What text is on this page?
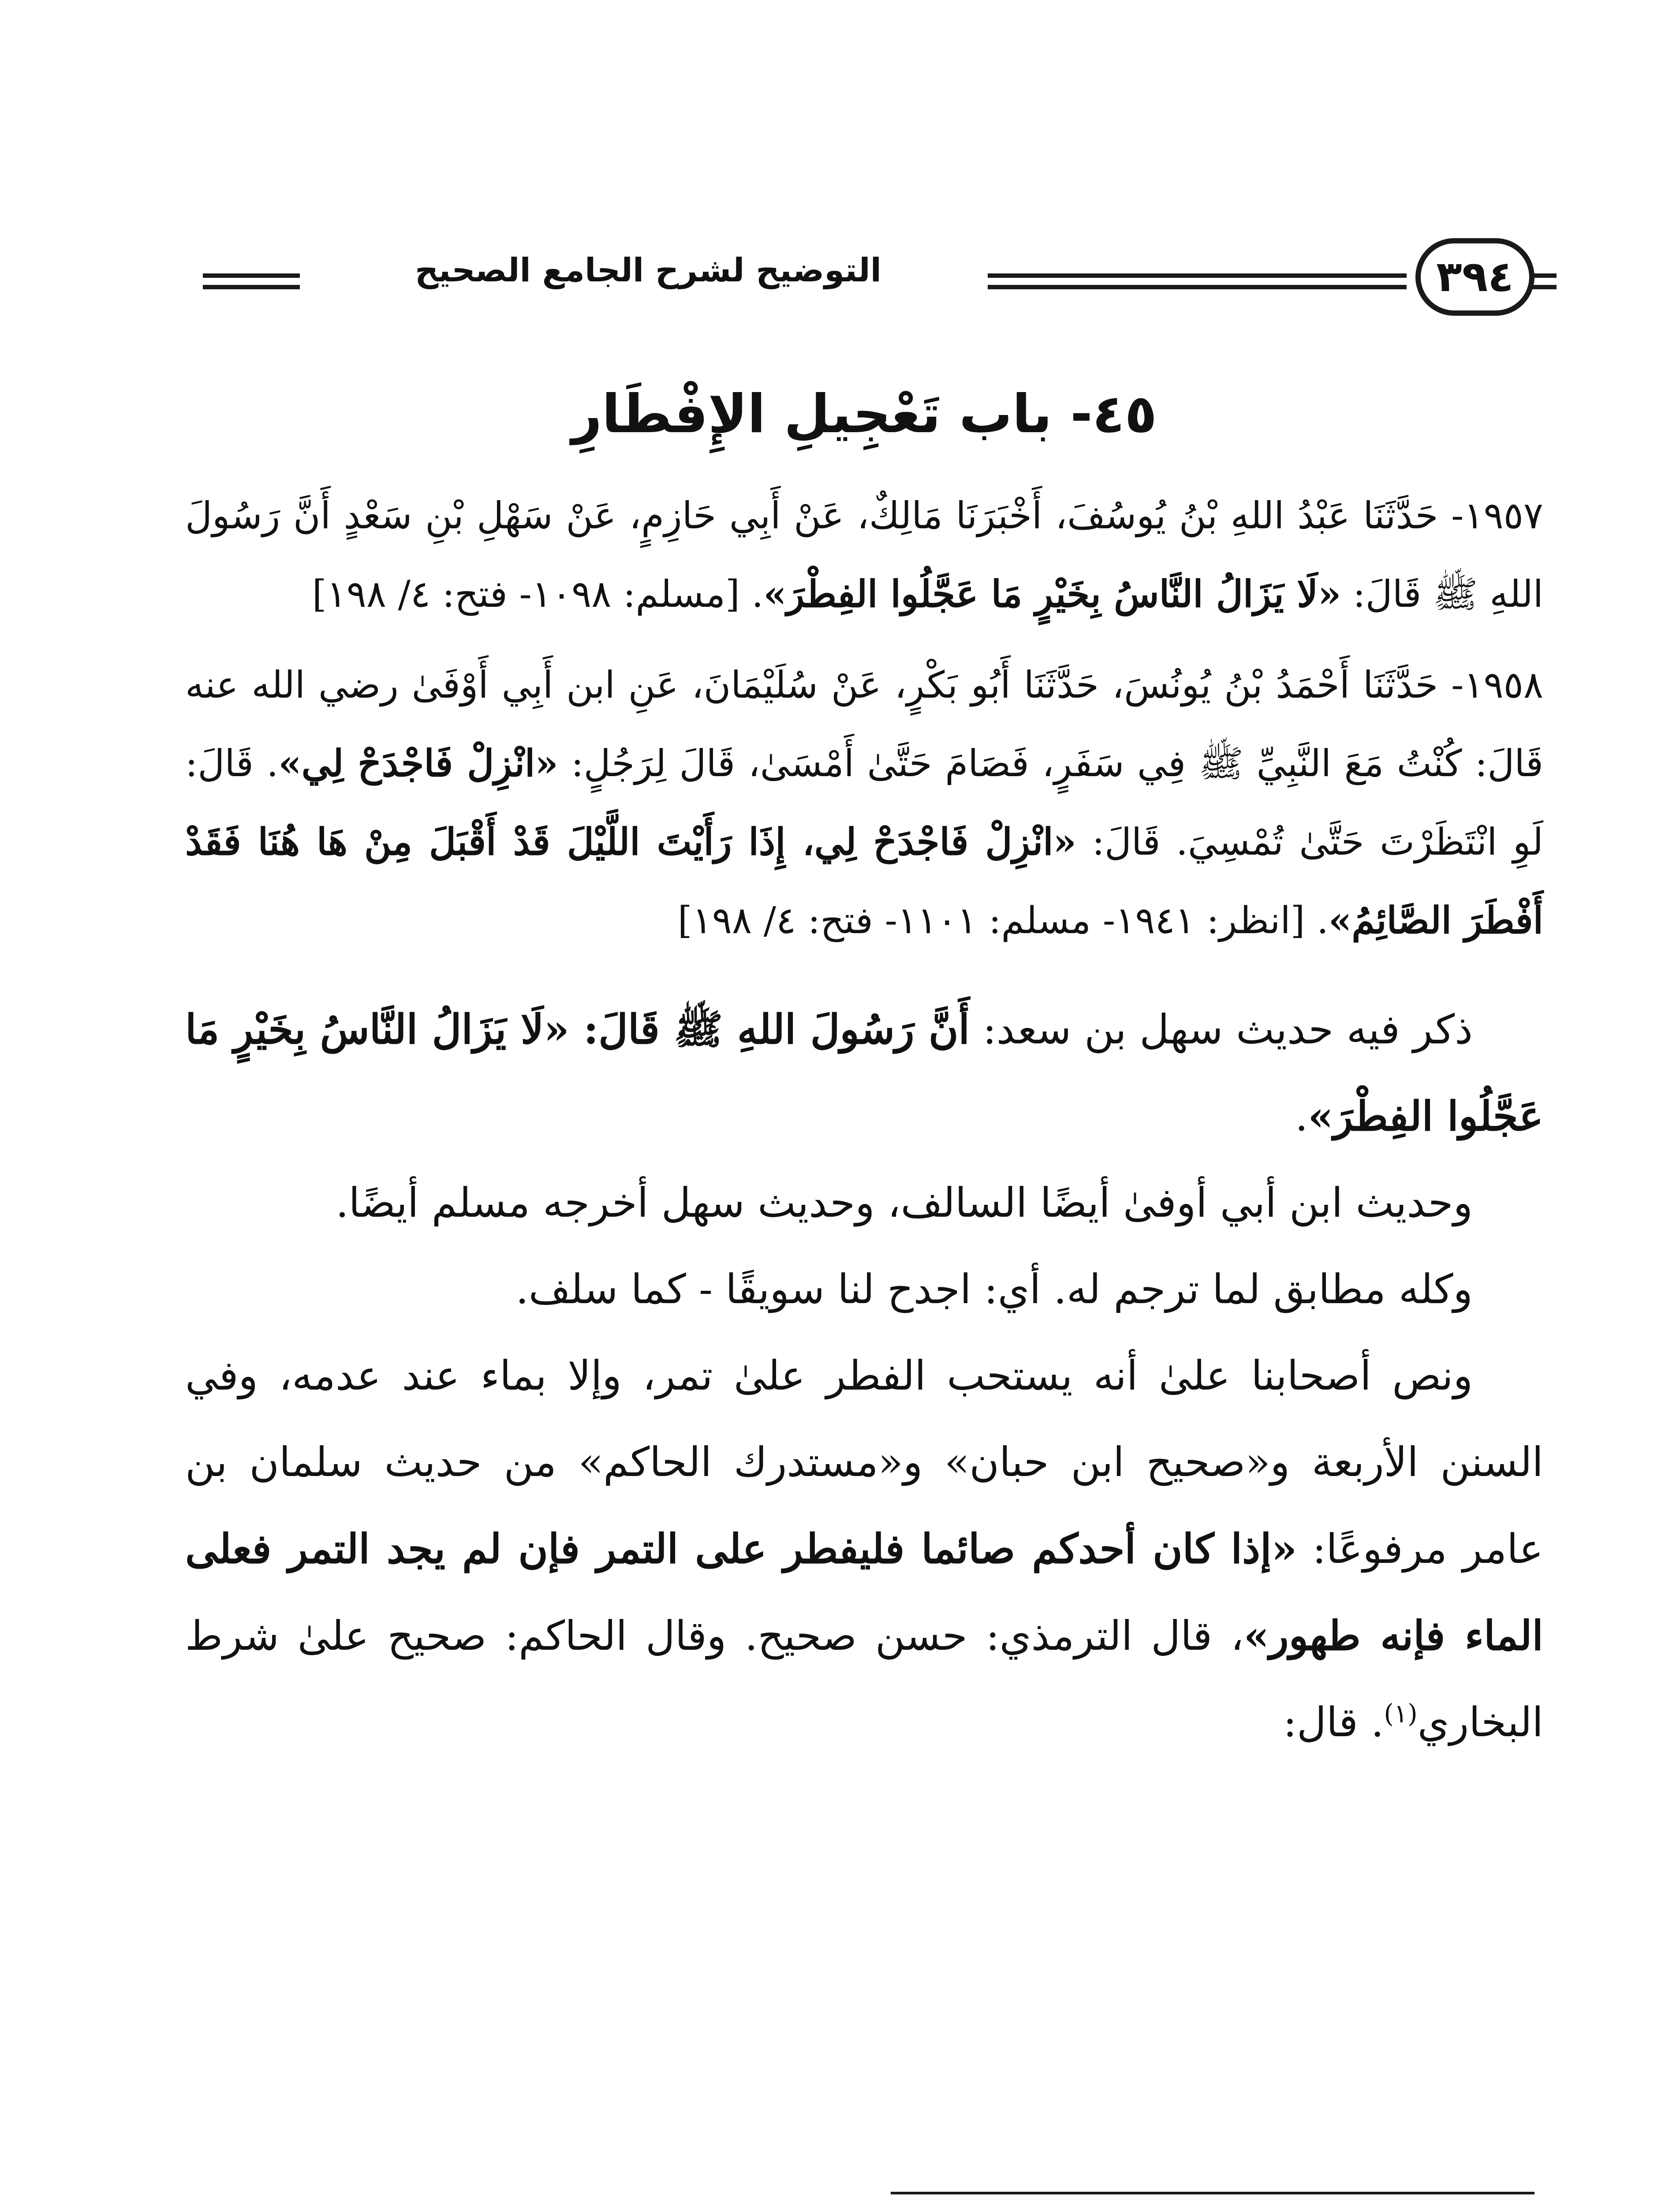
التوضيح لشرح الجامع الصحيح	٣٩٤
٤٥- باب تَعْجِيلِ الإِفْطَارِ

١٩٥٧- حَدَّثَنَا عَبْدُ اللهِ بْنُ يُوسُفَ، أَخْبَرَنَا مَالِكٌ، عَنْ أَبِي حَازِمٍ، عَنْ سَهْلِ بْنِ سَعْدٍ أَنَّ رَسُولَ اللهِ ﷺ قَالَ: «لَا يَزَالُ النَّاسُ بِخَيْرٍ مَا عَجَّلُوا الفِطْرَ». [مسلم: ١٠٩٨- فتح: ٤/ ١٩٨]

١٩٥٨- حَدَّثَنَا أَحْمَدُ بْنُ يُونُسَ، حَدَّثَنَا أَبُو بَكْرٍ، عَنْ سُلَيْمَانَ، عَنِ ابن أَبِي أَوْفَىٰ رضي الله عنه قَالَ: كُنْتُ مَعَ النَّبِيِّ ﷺ فِي سَفَرٍ، فَصَامَ حَتَّىٰ أَمْسَىٰ، قَالَ لِرَجُلٍ: «انْزِلْ فَاجْدَحْ لِي». قَالَ: لَوِ انْتَظَرْتَ حَتَّىٰ تُمْسِيَ. قَالَ: «انْزِلْ فَاجْدَحْ لِي، إِذَا رَأَيْتَ اللَّيْلَ قَدْ أَقْبَلَ مِنْ هَا هُنَا فَقَدْ أَفْطَرَ الصَّائِمُ». [انظر: ١٩٤١- مسلم: ١١٠١- فتح: ٤/ ١٩٨]

ذكر فيه حديث سهل بن سعد: أَنَّ رَسُولَ اللهِ ﷺ قَالَ: «لَا يَزَالُ النَّاسُ بِخَيْرٍ مَا عَجَّلُوا الفِطْرَ».

وحديث ابن أبي أوفىٰ أيضًا السالف، وحديث سهل أخرجه مسلم أيضًا.

وكله مطابق لما ترجم له. أي: اجدح لنا سويقًا - كما سلف.

ونص أصحابنا علىٰ أنه يستحب الفطر علىٰ تمر، وإلا بماء عند عدمه، وفي السنن الأربعة و«صحيح ابن حبان» و«مستدرك الحاكم» من حديث سلمان بن عامر مرفوعًا: «إذا كان أحدكم صائما فليفطر على التمر فإن لم يجد التمر فعلى الماء فإنه طهور»، قال الترمذي: حسن صحيح. وقال الحاكم: صحيح علىٰ شرط البخاري$^{(١)}$. قال:
